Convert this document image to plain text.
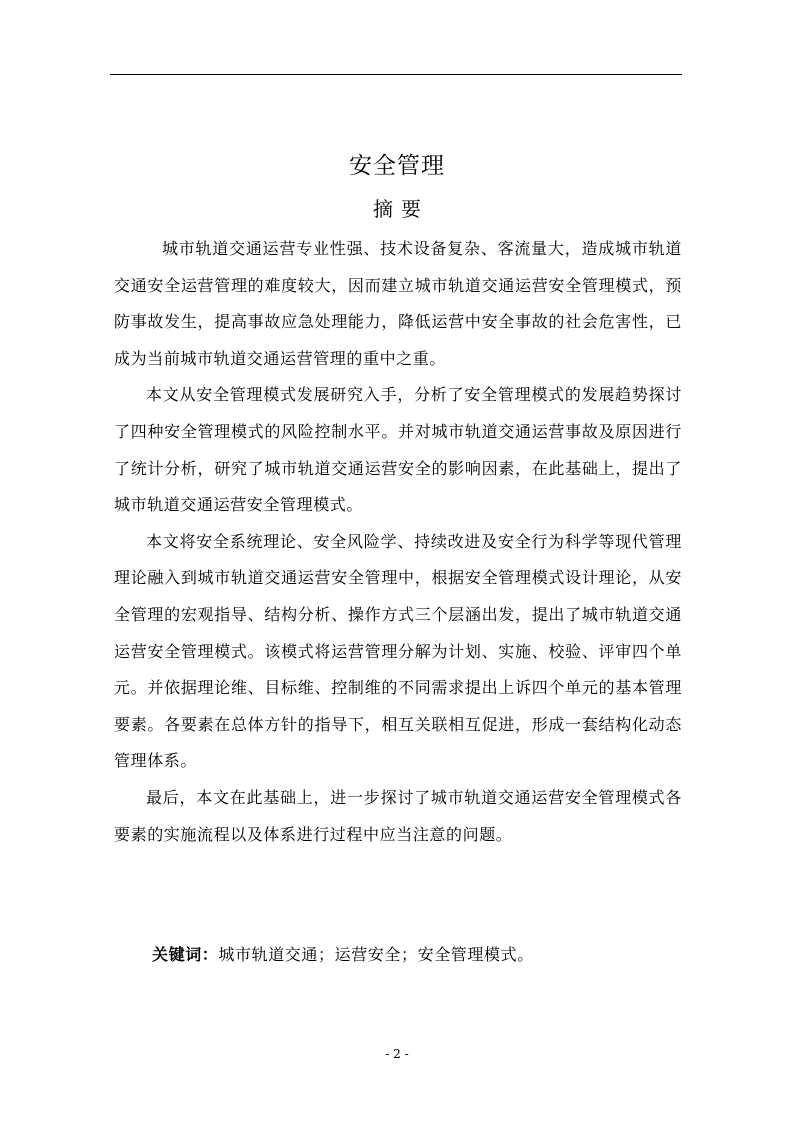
安全管理
摘 要

城市轨道交通运营专业性强、技术设备复杂、客流量大，造成城市轨道交通安全运营管理的难度较大，因而建立城市轨道交通运营安全管理模式，预防事故发生，提高事故应急处理能力，降低运营中安全事故的社会危害性，已成为当前城市轨道交通运营管理的重中之重。

本文从安全管理模式发展研究入手，分析了安全管理模式的发展趋势探讨了四种安全管理模式的风险控制水平。并对城市轨道交通运营事故及原因进行了统计分析，研究了城市轨道交通运营安全的影响因素，在此基础上，提出了城市轨道交通运营安全管理模式。

本文将安全系统理论、安全风险学、持续改进及安全行为科学等现代管理理论融入到城市轨道交通运营安全管理中，根据安全管理模式设计理论，从安全管理的宏观指导、结构分析、操作方式三个层涵出发，提出了城市轨道交通运营安全管理模式。该模式将运营管理分解为计划、实施、校验、评审四个单元。并依据理论维、目标维、控制维的不同需求提出上诉四个单元的基本管理要素。各要素在总体方针的指导下，相互关联相互促进，形成一套结构化动态管理体系。

最后，本文在此基础上，进一步探讨了城市轨道交通运营安全管理模式各要素的实施流程以及体系进行过程中应当注意的问题。

关键词：城市轨道交通；运营安全；安全管理模式。
- 2 -
